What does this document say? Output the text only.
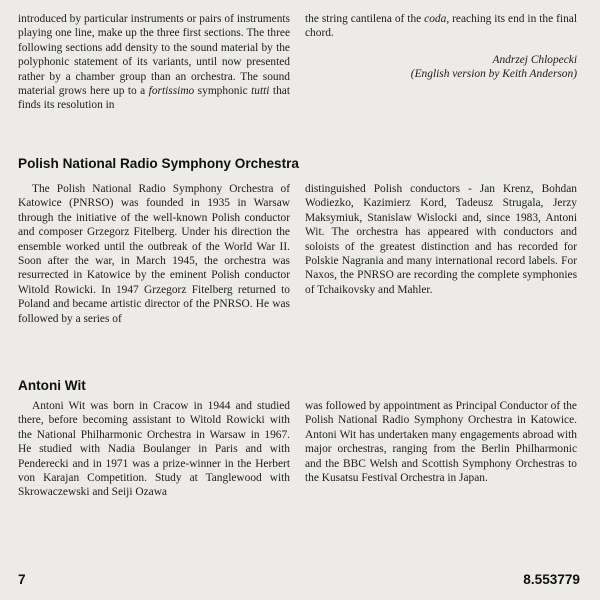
introduced by particular instruments or pairs of instruments playing one line, make up the three first sections. The three following sections add density to the sound material by the polyphonic statement of its variants, until now presented rather by a chamber group than an orchestra. The sound material grows here up to a fortissimo symphonic tutti that finds its resolution in

the string cantilena of the coda, reaching its end in the final chord.

Andrzej Chlopecki

(English version by Keith Anderson)

Polish National Radio Symphony Orchestra

The Polish National Radio Symphony Orchestra of Katowice (PNRSO) was founded in 1935 in Warsaw through the initiative of the well-known Polish conductor and composer Grzegorz Fitelberg. Under his direction the ensemble worked until the outbreak of the World War II. Soon after the war, in March 1945, the orchestra was resurrected in Katowice by the eminent Polish conductor Witold Rowicki. In 1947 Grzegorz Fitelberg returned to Poland and became artistic director of the PNRSO. He was followed by a series of

distinguished Polish conductors - Jan Krenz, Bohdan Wodiezko, Kazimierz Kord, Tadeusz Strugala, Jerzy Maksymiuk, Stanislaw Wislocki and, since 1983, Antoni Wit. The orchestra has appeared with conductors and soloists of the greatest distinction and has recorded for Polskie Nagrania and many international record labels. For Naxos, the PNRSO are recording the complete symphonies of Tchaikovsky and Mahler.

Antoni Wit

Antoni Wit was born in Cracow in 1944 and studied there, before becoming assistant to Witold Rowicki with the National Philharmonic Orchestra in Warsaw in 1967. He studied with Nadia Boulanger in Paris and with Penderecki and in 1971 was a prize-winner in the Herbert von Karajan Competition. Study at Tanglewood with Skrowaczewski and Seiji Ozawa

was followed by appointment as Principal Conductor of the Polish National Radio Symphony Orchestra in Katowice. Antoni Wit has undertaken many engagements abroad with major orchestras, ranging from the Berlin Philharmonic and the BBC Welsh and Scottish Symphony Orchestras to the Kusatsu Festival Orchestra in Japan.

7	8.553779
